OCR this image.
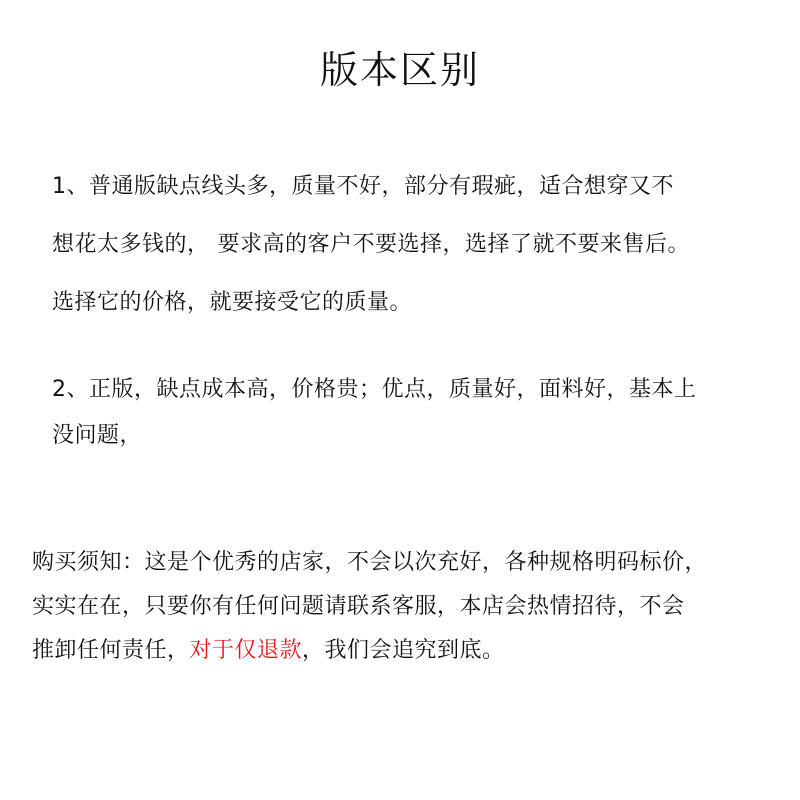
版本区别
1、普通版缺点线头多，质量不好，部分有瑕疵，适合想穿又不
想花太多钱的， 要求高的客户不要选择，选择了就不要来售后。
选择它的价格，就要接受它的质量。
2、正版，缺点成本高，价格贵；优点，质量好，面料好，基本上
没问题，
购买须知：这是个优秀的店家，不会以次充好，各种规格明码标价，
实实在在，只要你有任何问题请联系客服，本店会热情招待，不会
推卸任何责任，对于仅退款，我们会追究到底。
